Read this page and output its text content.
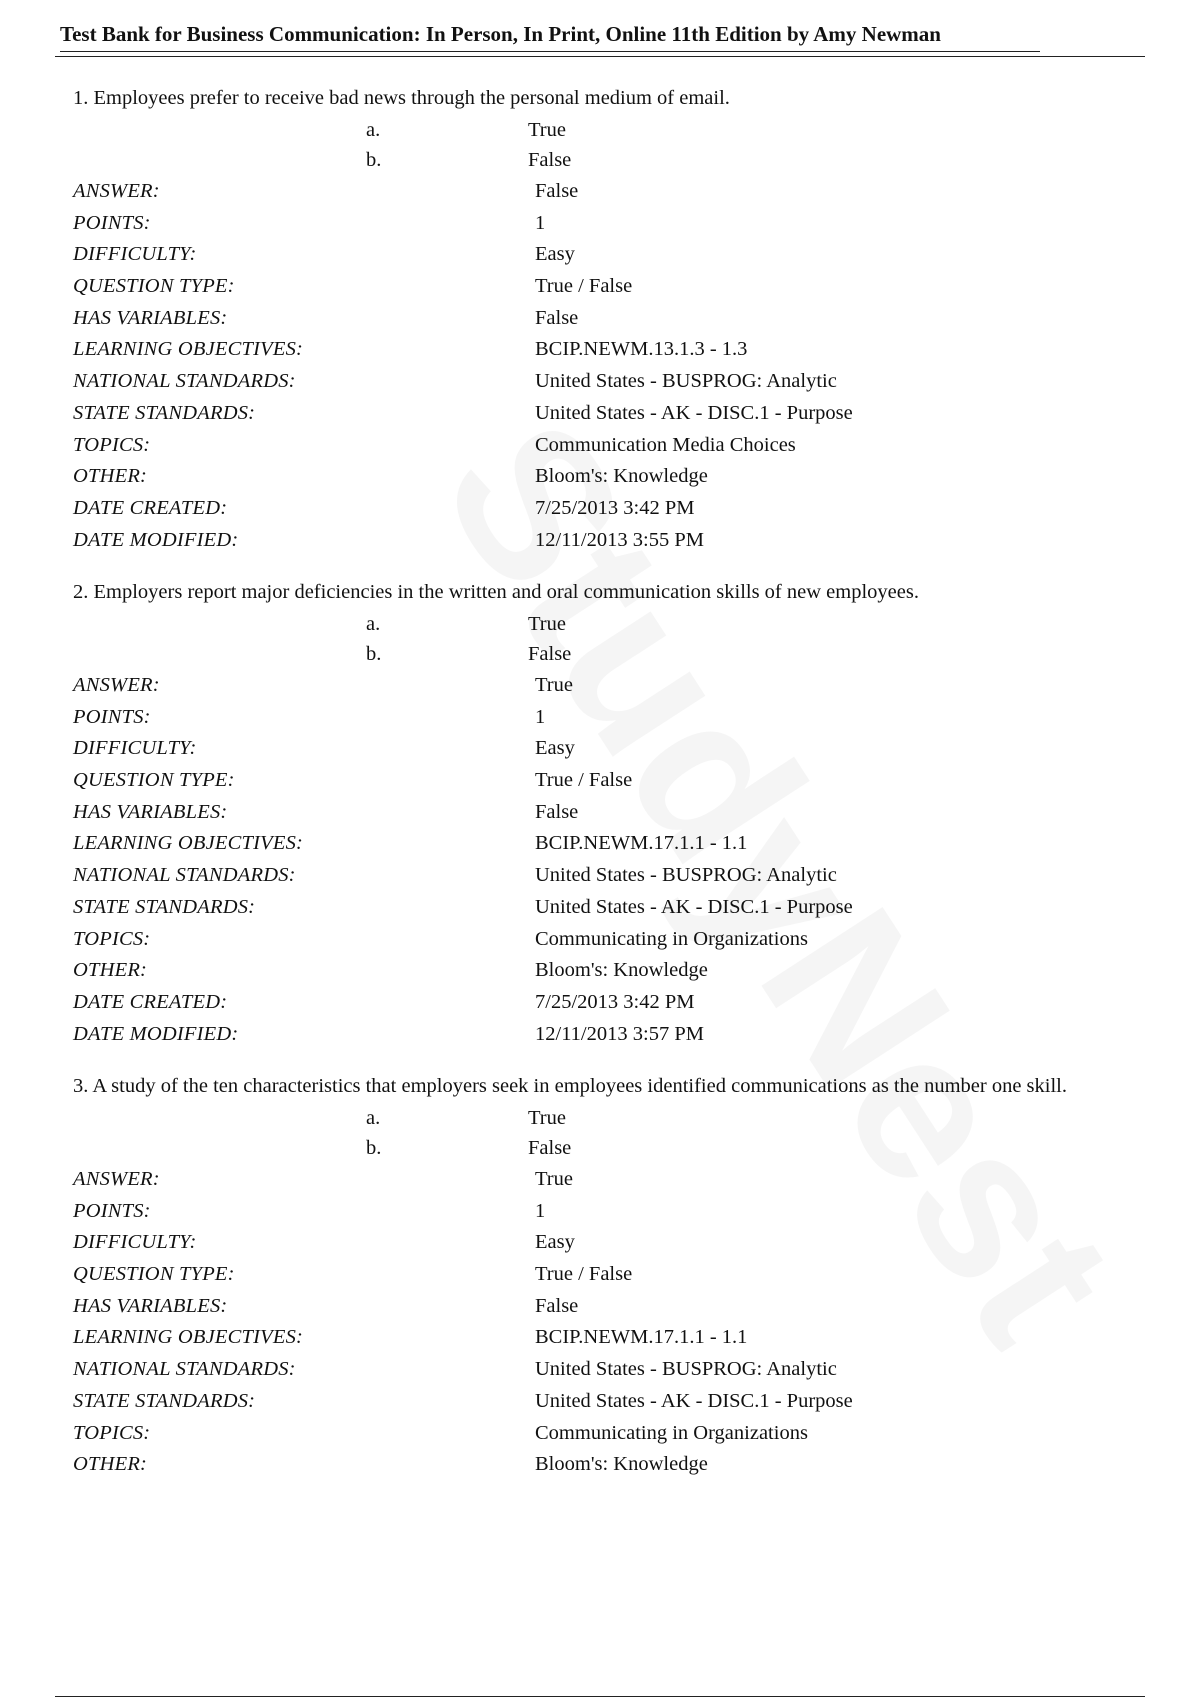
Test Bank for Business Communication: In Person, In Print, Online 11th Edition by Amy Newman
1. Employees prefer to receive bad news through the personal medium of email.
a.	True
b.	False
ANSWER:	False
POINTS:	1
DIFFICULTY:	Easy
QUESTION TYPE:	True / False
HAS VARIABLES:	False
LEARNING OBJECTIVES:	BCIP.NEWM.13.1.3 - 1.3
NATIONAL STANDARDS:	United States - BUSPROG: Analytic
STATE STANDARDS:	United States - AK - DISC.1 - Purpose
TOPICS:	Communication Media Choices
OTHER:	Bloom's: Knowledge
DATE CREATED:	7/25/2013 3:42 PM
DATE MODIFIED:	12/11/2013 3:55 PM
2. Employers report major deficiencies in the written and oral communication skills of new employees.
a.	True
b.	False
ANSWER:	True
POINTS:	1
DIFFICULTY:	Easy
QUESTION TYPE:	True / False
HAS VARIABLES:	False
LEARNING OBJECTIVES:	BCIP.NEWM.17.1.1 - 1.1
NATIONAL STANDARDS:	United States - BUSPROG: Analytic
STATE STANDARDS:	United States - AK - DISC.1 - Purpose
TOPICS:	Communicating in Organizations
OTHER:	Bloom's: Knowledge
DATE CREATED:	7/25/2013 3:42 PM
DATE MODIFIED:	12/11/2013 3:57 PM
3. A study of the ten characteristics that employers seek in employees identified communications as the number one skill.
a.	True
b.	False
ANSWER:	True
POINTS:	1
DIFFICULTY:	Easy
QUESTION TYPE:	True / False
HAS VARIABLES:	False
LEARNING OBJECTIVES:	BCIP.NEWM.17.1.1 - 1.1
NATIONAL STANDARDS:	United States - BUSPROG: Analytic
STATE STANDARDS:	United States - AK - DISC.1 - Purpose
TOPICS:	Communicating in Organizations
OTHER:	Bloom's: Knowledge
